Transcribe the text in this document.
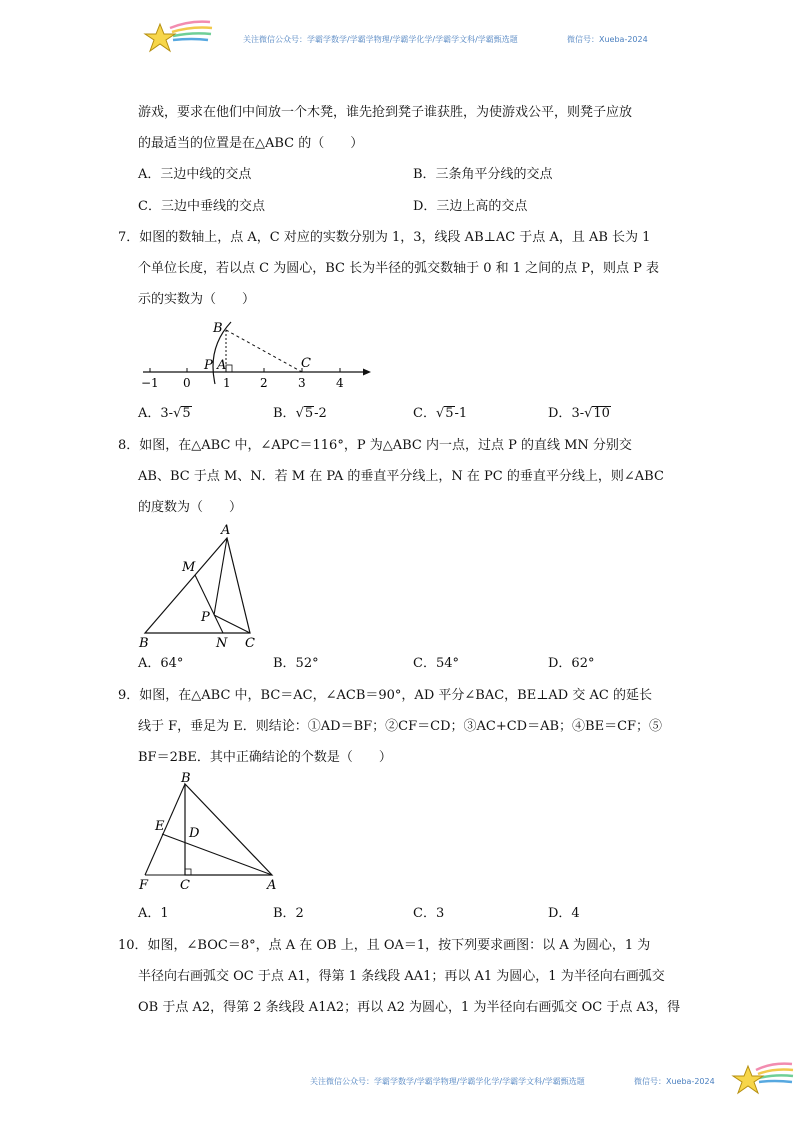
关注微信公众号：学霸学数学/学霸学物理/学霸学化学/学霸学文科/学霸甄选题	微信号：Xueba-2024
游戏，要求在他们中间放一个木凳，谁先抢到凳子谁获胜，为使游戏公平，则凳子应放
的最适当的位置是在△ABC 的（　　）
A．三边中线的交点	B．三条角平分线的交点
C．三边中垂线的交点	D．三边上高的交点
7．如图的数轴上，点 A，C 对应的实数分别为 1，3，线段 AB⊥AC 于点 A，且 AB 长为 1
个单位长度，若以点 C 为圆心，BC 长为半径的弧交数轴于 0 和 1 之间的点 P，则点 P 表
示的实数为（　　）
B
P A	C
−1 0	1 2	3	4
A．3-√5	B．√5-2	C．√5-1	D．3-√10
8．如图，在△ABC 中，∠APC＝116°，P 为△ABC 内一点，过点 P 的直线 MN 分别交
AB、BC 于点 M、N．若 M 在 PA 的垂直平分线上，N 在 PC 的垂直平分线上，则∠ABC
的度数为（　　）
A
M
P
B	N C
A．64°	B．52°	C．54°	D．62°
9．如图，在△ABC 中，BC＝AC，∠ACB＝90°，AD 平分∠BAC，BE⊥AD 交 AC 的延长
线于 F，垂足为 E．则结论：①AD＝BF；②CF＝CD；③AC+CD＝AB；④BE＝CF；⑤
BF＝2BE．其中正确结论的个数是（　　）
B
E D
F C	A
A．1	B．2	C．3	D．4
10．如图，∠BOC＝8°，点 A 在 OB 上，且 OA＝1，按下列要求画图：以 A 为圆心，1 为
半径向右画弧交 OC 于点 A1，得第 1 条线段 AA1；再以 A1 为圆心，1 为半径向右画弧交
OB 于点 A2，得第 2 条线段 A1A2；再以 A2 为圆心，1 为半径向右画弧交 OC 于点 A3，得
关注微信公众号：学霸学数学/学霸学物理/学霸学化学/学霸学文科/学霸甄选题	微信号：Xueba-2024
